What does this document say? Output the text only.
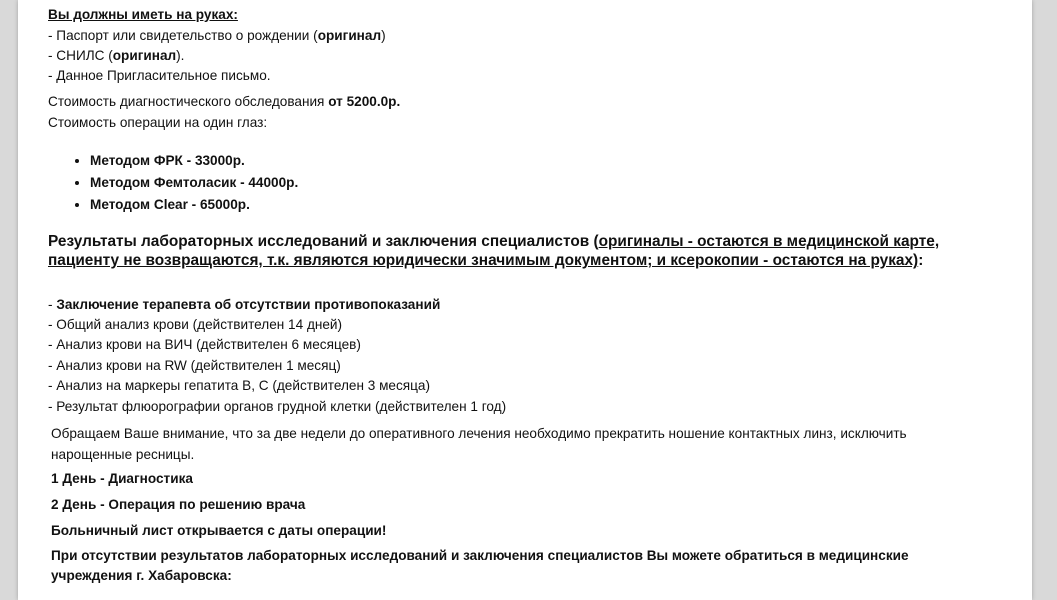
Вы должны иметь на руках:
- Паспорт или свидетельство о рождении (оригинал)
- СНИЛС (оригинал).
- Данное Пригласительное письмо.
Стоимость диагностического обследования от 5200.0р.
Стоимость операции на один глаз:
• Методом ФРК - 33000р.
• Методом Фемтоласик - 44000р.
• Методом Clear - 65000р.
Результаты лабораторных исследований и заключения специалистов (оригиналы - остаются в медицинской карте, пациенту не возвращаются, т.к. являются юридически значимым документом; и ксерокопии - остаются на руках):
- Заключение терапевта об отсутствии противопоказаний
- Общий анализ крови (действителен 14 дней)
- Анализ крови на ВИЧ (действителен 6 месяцев)
- Анализ крови на RW (действителен 1 месяц)
- Анализ на маркеры гепатита В, С (действителен 3 месяца)
- Результат флюорографии органов грудной клетки (действителен 1 год)
Обращаем Ваше внимание, что за две недели до оперативного лечения необходимо прекратить ношение контактных линз, исключить нарощенные ресницы.
1 День - Диагностика
2 День - Операция по решению врача
Больничный лист открывается с даты операции!
При отсутствии результатов лабораторных исследований и заключения специалистов Вы можете обратиться в медицинские учреждения г. Хабаровска:
